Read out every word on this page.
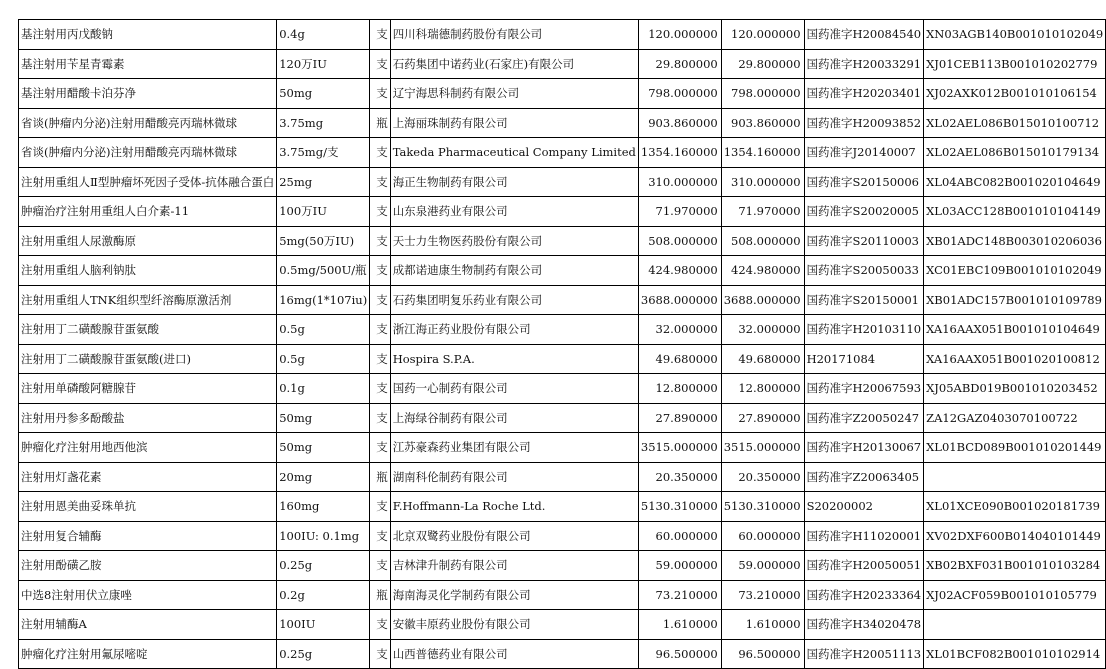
基注射用丙戊酸钠	0.4g	支	四川科瑞德制药股份有限公司	120.000000	120.000000	国药准字H20084540	XN03AGB140B001010102049
基注射用苄星青霉素	120万IU	支	石药集团中诺药业(石家庄)有限公司	29.800000	29.800000	国药准字H20033291	XJ01CEB113B001010202779
基注射用醋酸卡泊芬净	50mg	支	辽宁海思科制药有限公司	798.000000	798.000000	国药准字H20203401	XJ02AXK012B001010106154
省谈(肿瘤内分泌)注射用醋酸亮丙瑞林微球	3.75mg	瓶	上海丽珠制药有限公司	903.860000	903.860000	国药准字H20093852	XL02AEL086B015010100712
省谈(肿瘤内分泌)注射用醋酸亮丙瑞林微球	3.75mg/支	支	Takeda Pharmaceutical Company Limited	1354.160000	1354.160000	国药准字J20140007	XL02AEL086B015010179134
注射用重组人Ⅱ型肿瘤坏死因子受体-抗体融合蛋白	25mg	支	海正生物制药有限公司	310.000000	310.000000	国药准字S20150006	XL04ABC082B001020104649
肿瘤治疗注射用重组人白介素-11	100万IU	支	山东泉港药业有限公司	71.970000	71.970000	国药准字S20020005	XL03ACC128B001010104149
注射用重组人尿激酶原	5mg(50万IU)	支	天士力生物医药股份有限公司	508.000000	508.000000	国药准字S20110003	XB01ADC148B003010206036
注射用重组人脑利钠肽	0.5mg/500U/瓶	支	成都诺迪康生物制药有限公司	424.980000	424.980000	国药准字S20050033	XC01EBC109B001010102049
注射用重组人TNK组织型纤溶酶原激活剂	16mg(1*107iu)	支	石药集团明复乐药业有限公司	3688.000000	3688.000000	国药准字S20150001	XB01ADC157B001010109789
注射用丁二磺酸腺苷蛋氨酸	0.5g	支	浙江海正药业股份有限公司	32.000000	32.000000	国药准字H20103110	XA16AAX051B001010104649
注射用丁二磺酸腺苷蛋氨酸(进口)	0.5g	支	Hospira S.P.A.	49.680000	49.680000	H20171084	XA16AAX051B001020100812
注射用单磷酸阿糖腺苷	0.1g	支	国药一心制药有限公司	12.800000	12.800000	国药准字H20067593	XJ05ABD019B001010203452
注射用丹参多酚酸盐	50mg	支	上海绿谷制药有限公司	27.890000	27.890000	国药准字Z20050247	ZA12GAZ0403070100722
肿瘤化疗注射用地西他滨	50mg	支	江苏豪森药业集团有限公司	3515.000000	3515.000000	国药准字H20130067	XL01BCD089B001010201449
注射用灯盏花素	20mg	瓶	湖南科伦制药有限公司	20.350000	20.350000	国药准字Z20063405	
注射用恩美曲妥珠单抗	160mg	支	F.Hoffmann-La Roche Ltd.	5130.310000	5130.310000	S20200002	XL01XCE090B001020181739
注射用复合辅酶	100IU: 0.1mg	支	北京双鹭药业股份有限公司	60.000000	60.000000	国药准字H11020001	XV02DXF600B014040101449
注射用酚磺乙胺	0.25g	支	吉林津升制药有限公司	59.000000	59.000000	国药准字H20050051	XB02BXF031B001010103284
中选8注射用伏立康唑	0.2g	瓶	海南海灵化学制药有限公司	73.210000	73.210000	国药准字H20233364	XJ02ACF059B001010105779
注射用辅酶A	100IU	支	安徽丰原药业股份有限公司	1.610000	1.610000	国药准字H34020478	
肿瘤化疗注射用氟尿嘧啶	0.25g	支	山西普德药业有限公司	96.500000	96.500000	国药准字H20051113	XL01BCF082B001010102914
